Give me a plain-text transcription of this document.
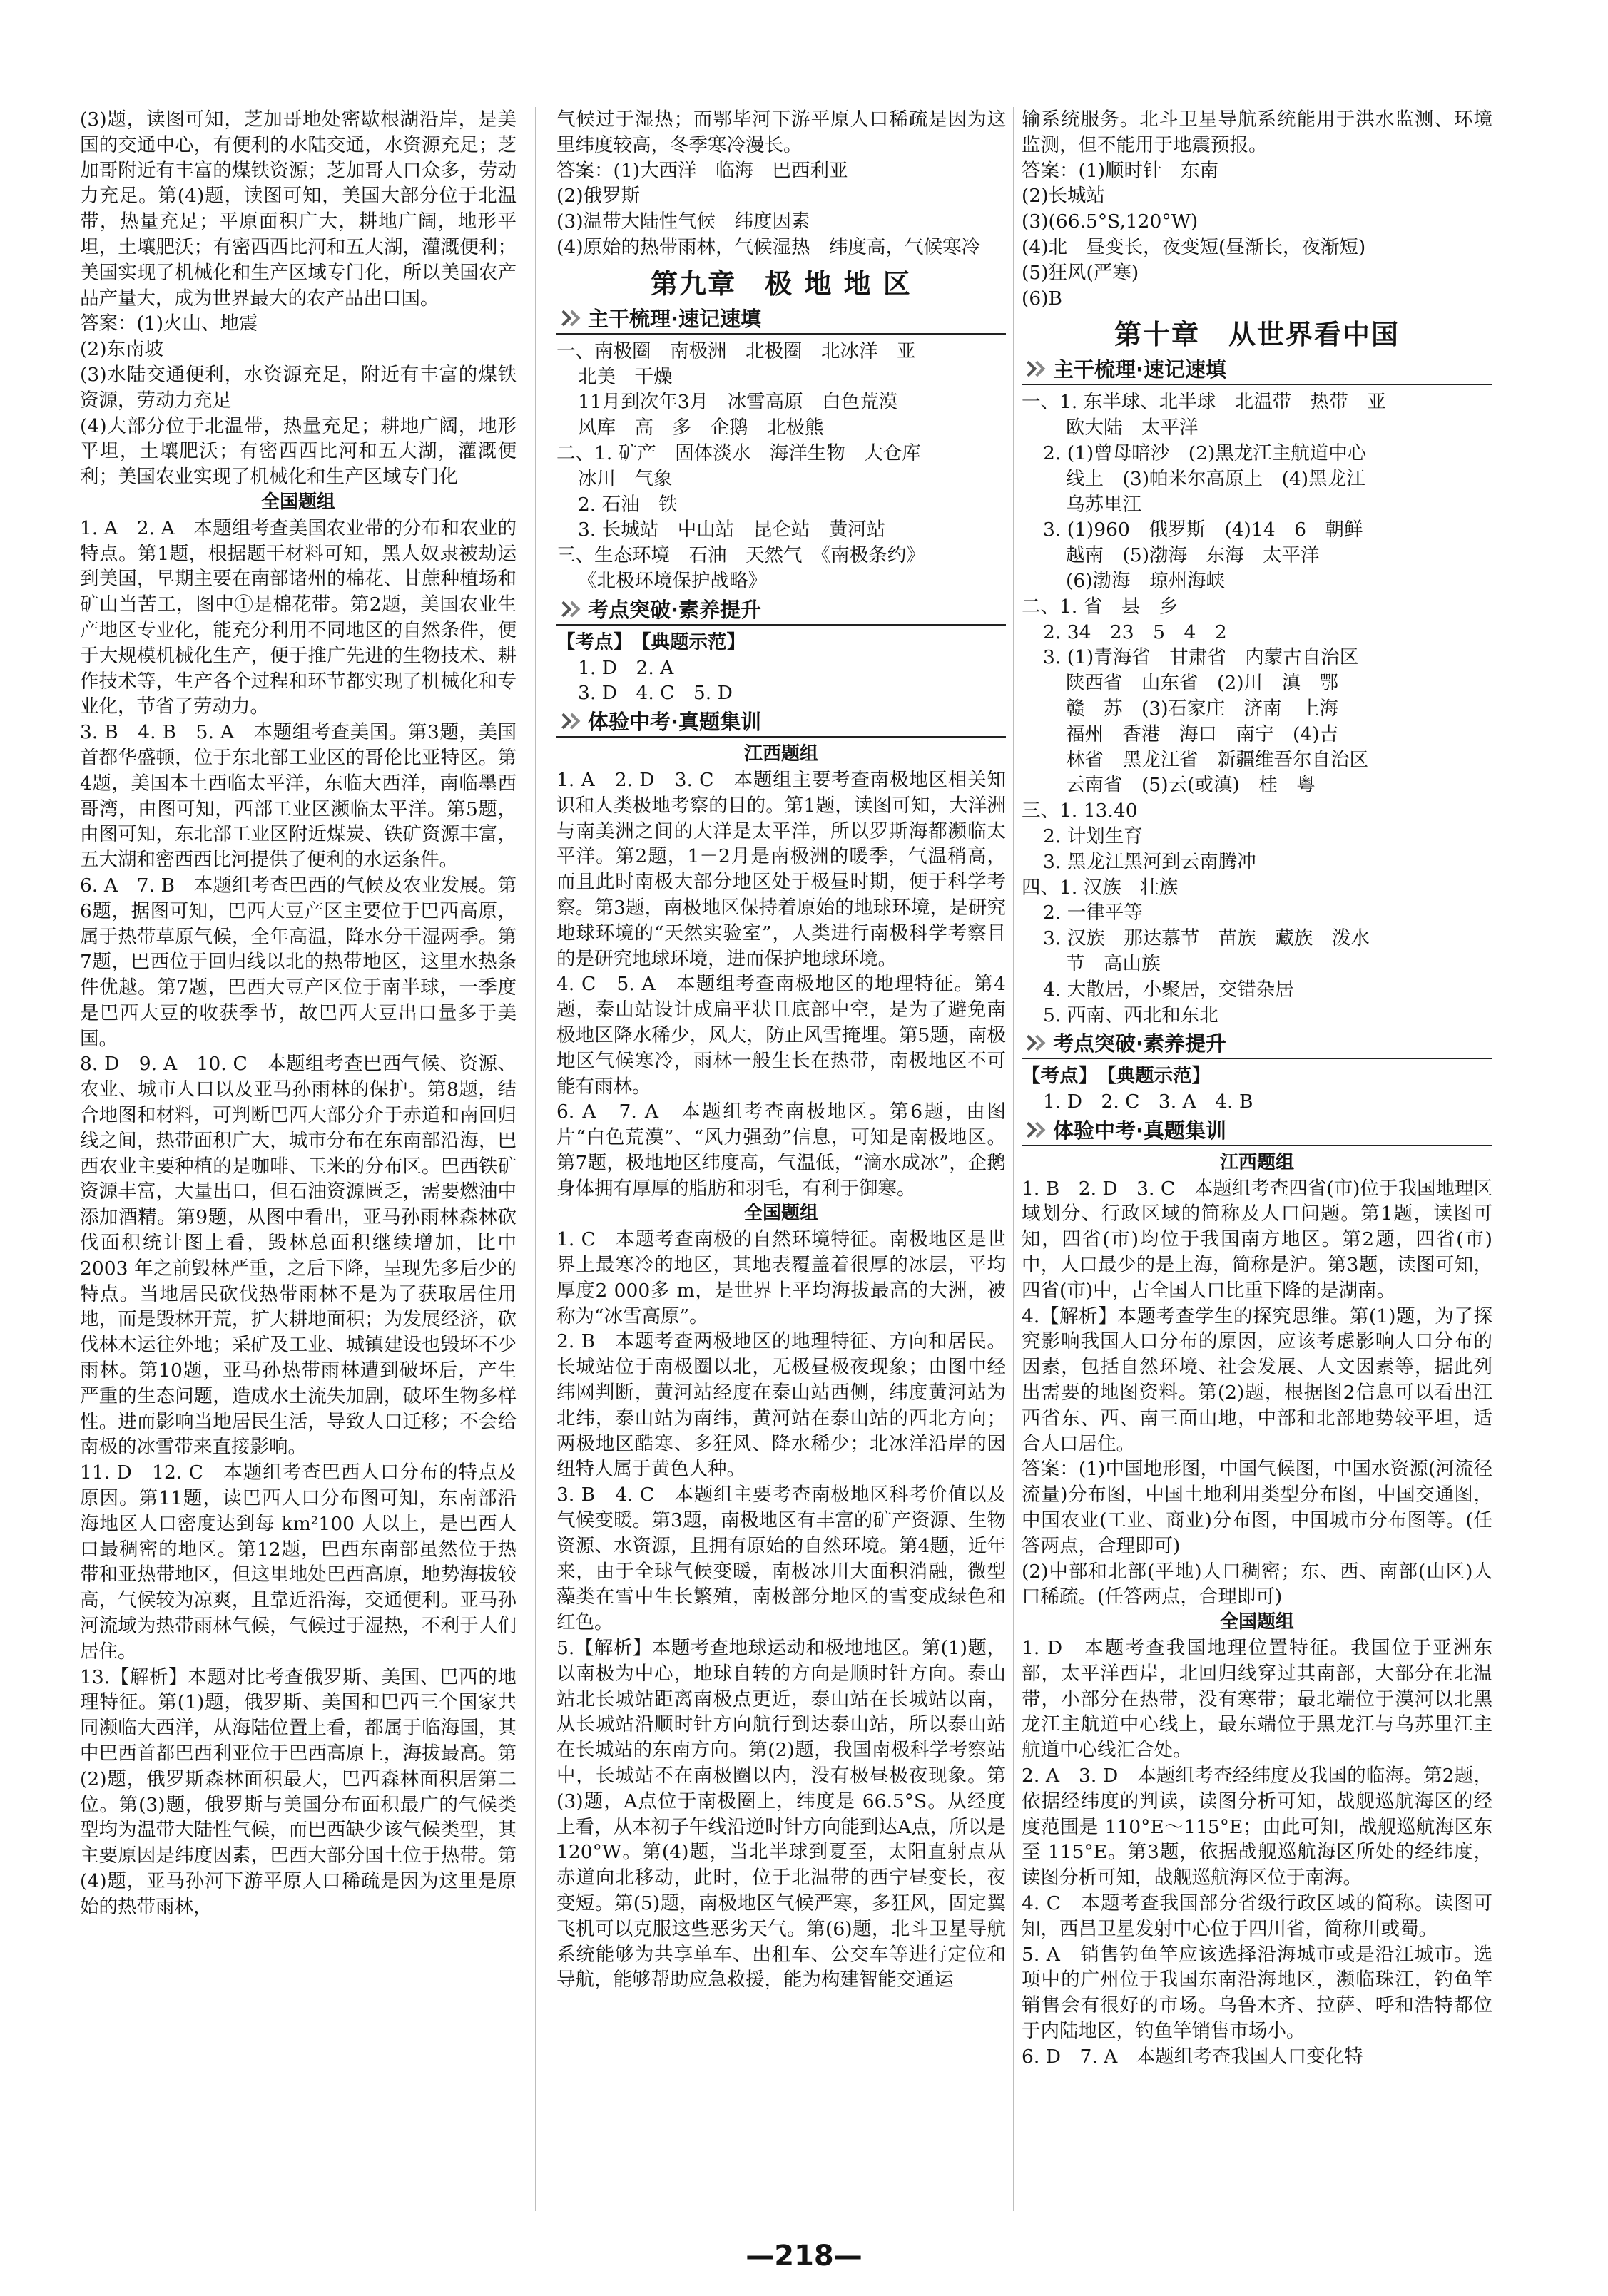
(3)题，读图可知，芝加哥地处密歇根湖沿岸，是美国的交通中心，有便利的水陆交通，水资源充足；芝加哥附近有丰富的煤铁资源；芝加哥人口众多，劳动力充足。第(4)题，读图可知，美国大部分位于北温带，热量充足；平原面积广大，耕地广阔，地形平坦，土壤肥沃；有密西西比河和五大湖，灌溉便利；美国实现了机械化和生产区域专门化，所以美国农产品产量大，成为世界最大的农产品出口国。

答案：(1)火山、地震

(2)东南坡

(3)水陆交通便利，水资源充足，附近有丰富的煤铁资源，劳动力充足

(4)大部分位于北温带，热量充足；耕地广阔，地形平坦，土壤肥沃；有密西西比河和五大湖，灌溉便利；美国农业实现了机械化和生产区域专门化

全国题组

1. A　2. A　本题组考查美国农业带的分布和农业的特点。第1题，根据题干材料可知，黑人奴隶被劫运到美国，早期主要在南部诸州的棉花、甘蔗种植场和矿山当苦工，图中①是棉花带。第2题，美国农业生产地区专业化，能充分利用不同地区的自然条件，便于大规模机械化生产，便于推广先进的生物技术、耕作技术等，生产各个过程和环节都实现了机械化和专业化，节省了劳动力。

3. B　4. B　5. A　本题组考查美国。第3题，美国首都华盛顿，位于东北部工业区的哥伦比亚特区。第4题，美国本土西临太平洋，东临大西洋，南临墨西哥湾，由图可知，西部工业区濒临太平洋。第5题，由图可知，东北部工业区附近煤炭、铁矿资源丰富，五大湖和密西西比河提供了便利的水运条件。

6. A　7. B　本题组考查巴西的气候及农业发展。第6题，据图可知，巴西大豆产区主要位于巴西高原，属于热带草原气候，全年高温，降水分干湿两季。第7题，巴西位于回归线以北的热带地区，这里水热条件优越。第7题，巴西大豆产区位于南半球，一季度是巴西大豆的收获季节，故巴西大豆出口量多于美国。

8. D　9. A　10. C　本题组考查巴西气候、资源、农业、城市人口以及亚马孙雨林的保护。第8题，结合地图和材料，可判断巴西大部分介于赤道和南回归线之间，热带面积广大，城市分布在东南部沿海，巴西农业主要种植的是咖啡、玉米的分布区。巴西铁矿资源丰富，大量出口，但石油资源匮乏，需要燃油中添加酒精。第9题，从图中看出，亚马孙雨林森林砍伐面积统计图上看，毁林总面积继续增加，比中 2003 年之前毁林严重，之后下降，呈现先多后少的特点。当地居民砍伐热带雨林不是为了获取居住用地，而是毁林开荒，扩大耕地面积；为发展经济，砍伐林木运往外地；采矿及工业、城镇建设也毁坏不少雨林。第10题，亚马孙热带雨林遭到破坏后，产生严重的生态问题，造成水土流失加剧，破坏生物多样性。进而影响当地居民生活，导致人口迁移；不会给南极的冰雪带来直接影响。

11. D　12. C　本题组考查巴西人口分布的特点及原因。第11题，读巴西人口分布图可知，东南部沿海地区人口密度达到每 km²100 人以上，是巴西人口最稠密的地区。第12题，巴西东南部虽然位于热带和亚热带地区，但这里地处巴西高原，地势海拔较高，气候较为凉爽，且靠近沿海，交通便利。亚马孙河流域为热带雨林气候，气候过于湿热，不利于人们居住。

13.【解析】本题对比考查俄罗斯、美国、巴西的地理特征。第(1)题，俄罗斯、美国和巴西三个国家共同濒临大西洋，从海陆位置上看，都属于临海国，其中巴西首都巴西利亚位于巴西高原上，海拔最高。第(2)题，俄罗斯森林面积最大，巴西森林面积居第二位。第(3)题，俄罗斯与美国分布面积最广的气候类型均为温带大陆性气候，而巴西缺少该气候类型，其主要原因是纬度因素，巴西大部分国土位于热带。第(4)题，亚马孙河下游平原人口稀疏是因为这里是原始的热带雨林，

气候过于湿热；而鄂毕河下游平原人口稀疏是因为这里纬度较高，冬季寒冷漫长。

答案：(1)大西洋　临海　巴西利亚

(2)俄罗斯

(3)温带大陆性气候　纬度因素

(4)原始的热带雨林，气候湿热　纬度高，气候寒冷

第九章　极 地 地 区
主干梳理·速记速填

一、南极圈　南极洲　北极圈　北冰洋　亚

北美　干燥

11月到次年3月　冰雪高原　白色荒漠

风库　高　多　企鹅　北极熊

二、1. 矿产　固体淡水　海洋生物　大仓库

冰川　气象

2. 石油　铁

3. 长城站　中山站　昆仑站　黄河站

三、生态环境　石油　天然气　《南极条约》

《北极环境保护战略》

考点突破·素养提升

【考点】　【典题示范】

1. D　2. A

3. D　4. C　5. D

体验中考·真题集训

江西题组

1. A　2. D　3. C　本题组主要考查南极地区相关知识和人类极地考察的目的。第1题，读图可知，大洋洲与南美洲之间的大洋是太平洋，所以罗斯海都濒临太平洋。第2题，1－2月是南极洲的暖季，气温稍高，而且此时南极大部分地区处于极昼时期，便于科学考察。第3题，南极地区保持着原始的地球环境，是研究地球环境的“天然实验室”，人类进行南极科学考察目的是研究地球环境，进而保护地球环境。

4. C　5. A　本题组考查南极地区的地理特征。第4题，泰山站设计成扁平状且底部中空，是为了避免南极地区降水稀少，风大，防止风雪掩埋。第5题，南极地区气候寒冷，雨林一般生长在热带，南极地区不可能有雨林。

6. A　7. A　本题组考查南极地区。第6题，由图片“白色荒漠”、“风力强劲”信息，可知是南极地区。第7题，极地地区纬度高，气温低，“滴水成冰”，企鹅身体拥有厚厚的脂肪和羽毛，有利于御寒。

全国题组

1. C　本题考查南极的自然环境特征。南极地区是世界上最寒冷的地区，其地表覆盖着很厚的冰层，平均厚度2 000多 m，是世界上平均海拔最高的大洲，被称为“冰雪高原”。

2. B　本题考查两极地区的地理特征、方向和居民。长城站位于南极圈以北，无极昼极夜现象；由图中经纬网判断，黄河站经度在泰山站西侧，纬度黄河站为北纬，泰山站为南纬，黄河站在泰山站的西北方向；两极地区酷寒、多狂风、降水稀少；北冰洋沿岸的因纽特人属于黄色人种。

3. B　4. C　本题组主要考查南极地区科考价值以及气候变暖。第3题，南极地区有丰富的矿产资源、生物资源、水资源，且拥有原始的自然环境。第4题，近年来，由于全球气候变暖，南极冰川大面积消融，微型藻类在雪中生长繁殖，南极部分地区的雪变成绿色和红色。

5.【解析】本题考查地球运动和极地地区。第(1)题，以南极为中心，地球自转的方向是顺时针方向。泰山站北长城站距离南极点更近，泰山站在长城站以南，从长城站沿顺时针方向航行到达泰山站，所以泰山站在长城站的东南方向。第(2)题，我国南极科学考察站中，长城站不在南极圈以内，没有极昼极夜现象。第(3)题，A点位于南极圈上，纬度是 66.5°S。从经度上看，从本初子午线沿逆时针方向能到达A点，所以是 120°W。第(4)题，当北半球到夏至，太阳直射点从赤道向北移动，此时，位于北温带的西宁昼变长，夜变短。第(5)题，南极地区气候严寒，多狂风，固定翼飞机可以克服这些恶劣天气。第(6)题，北斗卫星导航系统能够为共享单车、出租车、公交车等进行定位和导航，能够帮助应急救援，能为构建智能交通运

输系统服务。北斗卫星导航系统能用于洪水监测、环境监测，但不能用于地震预报。

答案：(1)顺时针　东南

(2)长城站

(3)(66.5°S,120°W)

(4)北　昼变长，夜变短(昼渐长，夜渐短)

(5)狂风(严寒)

(6)B

第十章　从世界看中国
主干梳理·速记速填

一、1. 东半球、北半球　北温带　热带　亚

欧大陆　太平洋

2. (1)曾母暗沙　(2)黑龙江主航道中心

线上　(3)帕米尔高原上　(4)黑龙江

乌苏里江

3. (1)960　俄罗斯　(4)14　6　朝鲜

越南　(5)渤海　东海　太平洋

(6)渤海　琼州海峡

二、1. 省　县　乡

2. 34　23　5　4　2

3. (1)青海省　甘肃省　内蒙古自治区

陕西省　山东省　(2)川　滇　鄂

赣　苏　(3)石家庄　济南　上海

福州　香港　海口　南宁　(4)吉

林省　黑龙江省　新疆维吾尔自治区

云南省　(5)云(或滇)　桂　粤

三、1. 13.40

2. 计划生育

3. 黑龙江黑河到云南腾冲

四、1. 汉族　壮族

2. 一律平等

3. 汉族　那达慕节　苗族　藏族　泼水

节　高山族

4. 大散居，小聚居，交错杂居

5. 西南、西北和东北

考点突破·素养提升

【考点】　【典题示范】

1. D　2. C　3. A　4. B

体验中考·真题集训

江西题组

1. B　2. D　3. C　本题组考查四省(市)位于我国地理区域划分、行政区域的简称及人口问题。第1题，读图可知，四省(市)均位于我国南方地区。第2题，四省(市)中，人口最少的是上海，简称是沪。第3题，读图可知，四省(市)中，占全国人口比重下降的是湖南。

4.【解析】本题考查学生的探究思维。第(1)题，为了探究影响我国人口分布的原因，应该考虑影响人口分布的因素，包括自然环境、社会发展、人文因素等，据此列出需要的地图资料。第(2)题，根据图2信息可以看出江西省东、西、南三面山地，中部和北部地势较平坦，适合人口居住。

答案：(1)中国地形图，中国气候图，中国水资源(河流径流量)分布图，中国土地利用类型分布图，中国交通图，中国农业(工业、商业)分布图，中国城市分布图等。(任答两点，合理即可)

(2)中部和北部(平地)人口稠密；东、西、南部(山区)人口稀疏。(任答两点，合理即可)

全国题组

1. D　本题考查我国地理位置特征。我国位于亚洲东部，太平洋西岸，北回归线穿过其南部，大部分在北温带，小部分在热带，没有寒带；最北端位于漠河以北黑龙江主航道中心线上，最东端位于黑龙江与乌苏里江主航道中心线汇合处。

2. A　3. D　本题组考查经纬度及我国的临海。第2题，依据经纬度的判读，读图分析可知，战舰巡航海区的经度范围是 110°E～115°E；由此可知，战舰巡航海区东至 115°E。第3题，依据战舰巡航海区所处的经纬度，读图分析可知，战舰巡航海区位于南海。

4. C　本题考查我国部分省级行政区域的简称。读图可知，西昌卫星发射中心位于四川省，简称川或蜀。

5. A　销售钓鱼竿应该选择沿海城市或是沿江城市。选项中的广州位于我国东南沿海地区，濒临珠江，钓鱼竿销售会有很好的市场。乌鲁木齐、拉萨、呼和浩特都位于内陆地区，钓鱼竿销售市场小。

6. D　7. A　本题组考查我国人口变化特

—218—
